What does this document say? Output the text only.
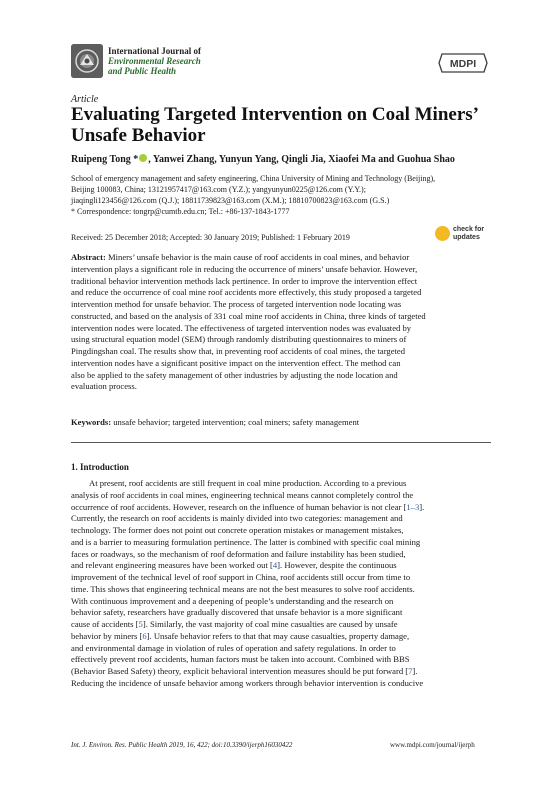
International Journal of
Environmental Research
and Public Health
MDPI
Article
Evaluating Targeted Intervention on Coal Miners’
Unsafe Behavior
Ruipeng Tong * , Yanwei Zhang, Yunyun Yang, Qingli Jia, Xiaofei Ma and Guohua Shao
School of emergency management and safety engineering, China University of Mining and Technology (Beijing),
Beijing 100083, China; 13121957417@163.com (Y.Z.); yangyunyun0225@126.com (Y.Y.);
jiaqingli123456@126.com (Q.J.); 18811739823@163.com (X.M.); 18810700823@163.com (G.S.)
* Correspondence: tongrp@cumtb.edu.cn; Tel.: +86-137-1843-1777
Received: 25 December 2018; Accepted: 30 January 2019; Published: 1 February 2019
check for
updates
Abstract: Miners’ unsafe behavior is the main cause of roof accidents in coal mines, and behavior
intervention plays a significant role in reducing the occurrence of miners’ unsafe behavior. However,
traditional behavior intervention methods lack pertinence. In order to improve the intervention effect
and reduce the occurrence of coal mine roof accidents more effectively, this study proposed a targeted
intervention method for unsafe behavior. The process of targeted intervention node locating was
constructed, and based on the analysis of 331 coal mine roof accidents in China, three kinds of targeted
intervention nodes were located. The effectiveness of targeted intervention nodes was evaluated by
using structural equation model (SEM) through randomly distributing questionnaires to miners of
Pingdingshan coal. The results show that, in preventing roof accidents of coal mines, the targeted
intervention nodes have a significant positive impact on the intervention effect. The method can
also be applied to the safety management of other industries by adjusting the node location and
evaluation process.
Keywords: unsafe behavior; targeted intervention; coal miners; safety management
1. Introduction
At present, roof accidents are still frequent in coal mine production. According to a previous
analysis of roof accidents in coal mines, engineering technical means cannot completely control the
occurrence of roof accidents. However, research on the influence of human behavior is not clear [1–3].
Currently, the research on roof accidents is mainly divided into two categories: management and
technology. The former does not point out concrete operation mistakes or management mistakes,
and is a barrier to measuring formulation pertinence. The latter is combined with specific coal mining
faces or roadways, so the mechanism of roof deformation and failure instability has been studied,
and relevant engineering measures have been worked out [4]. However, despite the continuous
improvement of the technical level of roof support in China, roof accidents still occur from time to
time. This shows that engineering technical means are not the best measures to solve roof accidents.
With continuous improvement and a deepening of people’s understanding and the research on
behavior safety, researchers have gradually discovered that unsafe behavior is a more significant
cause of accidents [5]. Similarly, the vast majority of coal mine casualties are caused by unsafe
behavior by miners [6]. Unsafe behavior refers to that that may cause casualties, property damage,
and environmental damage in violation of rules of operation and safety regulations. In order to
effectively prevent roof accidents, human factors must be taken into account. Combined with BBS
(Behavior Based Safety) theory, explicit behavioral intervention measures should be put forward [7].
Reducing the incidence of unsafe behavior among workers through behavior intervention is conducive
Int. J. Environ. Res. Public Health 2019, 16, 422; doi:10.3390/ijerph16030422	www.mdpi.com/journal/ijerph
